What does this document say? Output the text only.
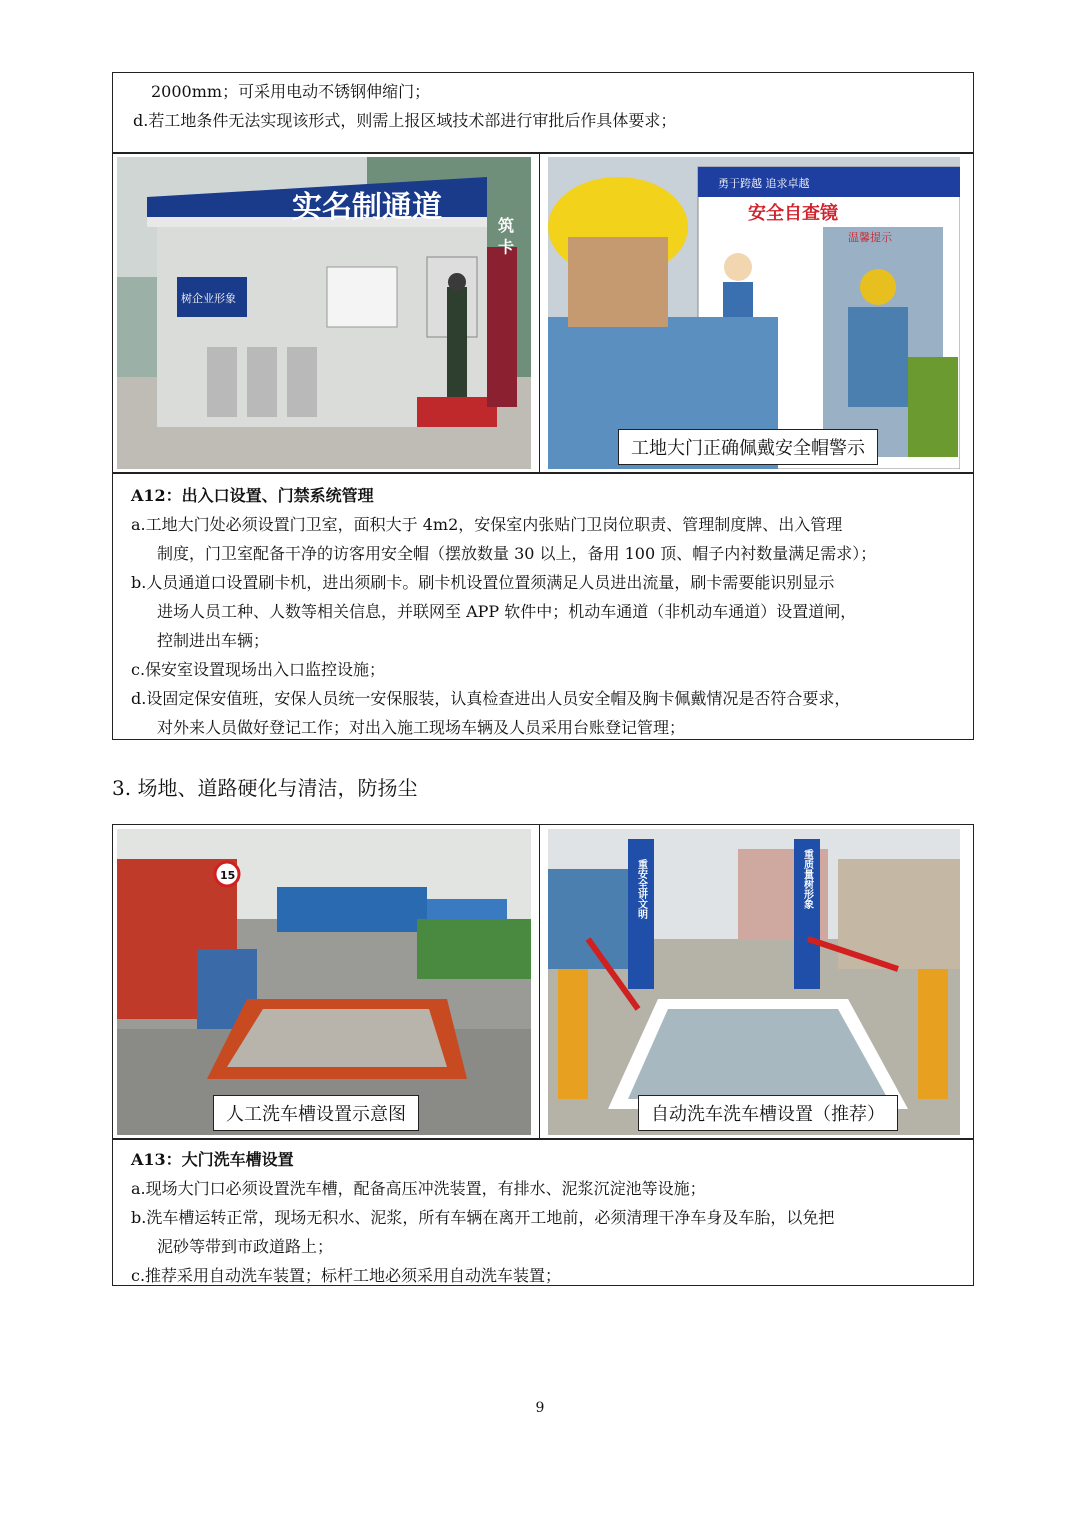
2000mm；可采用电动不锈钢伸缩门；
d.若工地条件无法实现该形式，则需上报区域技术部进行审批后作具体要求；
实名制通道
树企业形象
筑 卡
勇于跨越 追求卓越
安全自查镜
温馨提示
工地大门正确佩戴安全帽警示
A12：出入口设置、门禁系统管理
a.工地大门处必须设置门卫室，面积大于 4m2，安保室内张贴门卫岗位职责、管理制度牌、出入管理
制度，门卫室配备干净的访客用安全帽（摆放数量 30 以上，备用 100 顶、帽子内衬数量满足需求）；
b.人员通道口设置刷卡机，进出须刷卡。刷卡机设置位置须满足人员进出流量，刷卡需要能识别显示
进场人员工种、人数等相关信息，并联网至 APP 软件中；机动车通道（非机动车通道）设置道闸，
控制进出车辆；
c.保安室设置现场出入口监控设施；
d.设固定保安值班，安保人员统一安保服装，认真检查进出人员安全帽及胸卡佩戴情况是否符合要求，
对外来人员做好登记工作；对出入施工现场车辆及人员采用台账登记管理；
3. 场地、道路硬化与清洁，防扬尘
15
人工洗车槽设置示意图
重安全讲文明	重质量树形象
自动洗车洗车槽设置（推荐）
A13：大门洗车槽设置
a.现场大门口必须设置洗车槽，配备高压冲洗装置，有排水、泥浆沉淀池等设施；
b.洗车槽运转正常，现场无积水、泥浆，所有车辆在离开工地前，必须清理干净车身及车胎，以免把
泥砂等带到市政道路上；
c.推荐采用自动洗车装置；标杆工地必须采用自动洗车装置；
9
